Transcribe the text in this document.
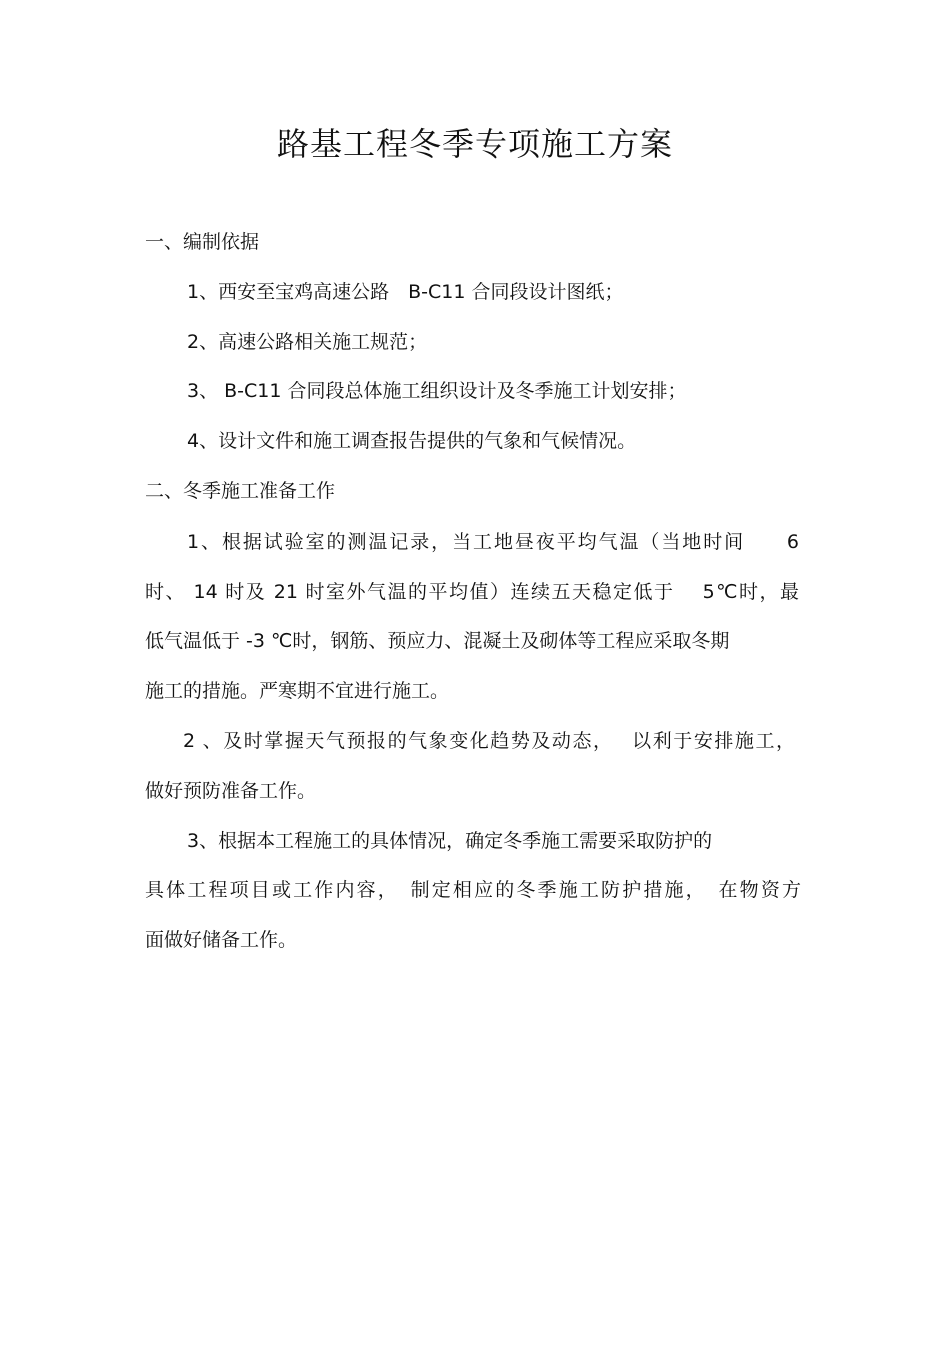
路基工程冬季专项施工方案
一、编制依据
1、西安至宝鸡高速公路　B-C11 合同段设计图纸；
2、高速公路相关施工规范；
3、 B-C11 合同段总体施工组织设计及冬季施工计划安排；
4、设计文件和施工调查报告提供的气象和气候情况。
二、冬季施工准备工作
1、根据试验室的测温记录，当工地昼夜平均气温（当地时间　　6
时、 14 时及 21 时室外气温的平均值）连续五天稳定低于　 5℃时，最
低气温低于 -3 ℃时，钢筋、预应力、混凝土及砌体等工程应采取冬期
施工的措施。严寒期不宜进行施工。
2 、及时掌握天气预报的气象变化趋势及动态，　 以利于安排施工，
做好预防准备工作。
3、根据本工程施工的具体情况，确定冬季施工需要采取防护的
具体工程项目或工作内容，　制定相应的冬季施工防护措施，　在物资方
面做好储备工作。
